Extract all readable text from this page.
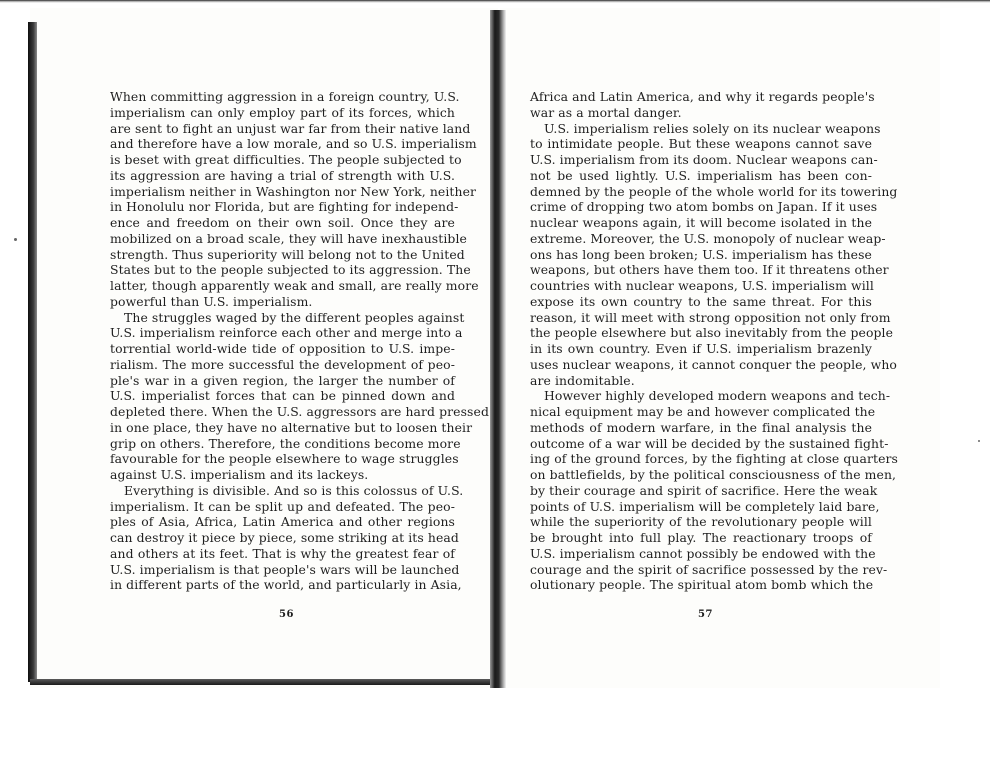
When committing aggression in a foreign country, U.S.
imperialism can only employ part of its forces, which
are sent to fight an unjust war far from their native land
and therefore have a low morale, and so U.S. imperialism
is beset with great difficulties. The people subjected to
its aggression are having a trial of strength with U.S.
imperialism neither in Washington nor New York, neither
in Honolulu nor Florida, but are fighting for independ-
ence and freedom on their own soil. Once they are
mobilized on a broad scale, they will have inexhaustible
strength. Thus superiority will belong not to the United
States but to the people subjected to its aggression. The
latter, though apparently weak and small, are really more
powerful than U.S. imperialism.
The struggles waged by the different peoples against
U.S. imperialism reinforce each other and merge into a
torrential world-wide tide of opposition to U.S. impe-
rialism. The more successful the development of peo-
ple's war in a given region, the larger the number of
U.S. imperialist forces that can be pinned down and
depleted there. When the U.S. aggressors are hard pressed
in one place, they have no alternative but to loosen their
grip on others. Therefore, the conditions become more
favourable for the people elsewhere to wage struggles
against U.S. imperialism and its lackeys.
Everything is divisible. And so is this colossus of U.S.
imperialism. It can be split up and defeated. The peo-
ples of Asia, Africa, Latin America and other regions
can destroy it piece by piece, some striking at its head
and others at its feet. That is why the greatest fear of
U.S. imperialism is that people's wars will be launched
in different parts of the world, and particularly in Asia,
56
Africa and Latin America, and why it regards people's
war as a mortal danger.
U.S. imperialism relies solely on its nuclear weapons
to intimidate people. But these weapons cannot save
U.S. imperialism from its doom. Nuclear weapons can-
not be used lightly. U.S. imperialism has been con-
demned by the people of the whole world for its towering
crime of dropping two atom bombs on Japan. If it uses
nuclear weapons again, it will become isolated in the
extreme. Moreover, the U.S. monopoly of nuclear weap-
ons has long been broken; U.S. imperialism has these
weapons, but others have them too. If it threatens other
countries with nuclear weapons, U.S. imperialism will
expose its own country to the same threat. For this
reason, it will meet with strong opposition not only from
the people elsewhere but also inevitably from the people
in its own country. Even if U.S. imperialism brazenly
uses nuclear weapons, it cannot conquer the people, who
are indomitable.
However highly developed modern weapons and tech-
nical equipment may be and however complicated the
methods of modern warfare, in the final analysis the
outcome of a war will be decided by the sustained fight-
ing of the ground forces, by the fighting at close quarters
on battlefields, by the political consciousness of the men,
by their courage and spirit of sacrifice. Here the weak
points of U.S. imperialism will be completely laid bare,
while the superiority of the revolutionary people will
be brought into full play. The reactionary troops of
U.S. imperialism cannot possibly be endowed with the
courage and the spirit of sacrifice possessed by the rev-
olutionary people. The spiritual atom bomb which the
57
